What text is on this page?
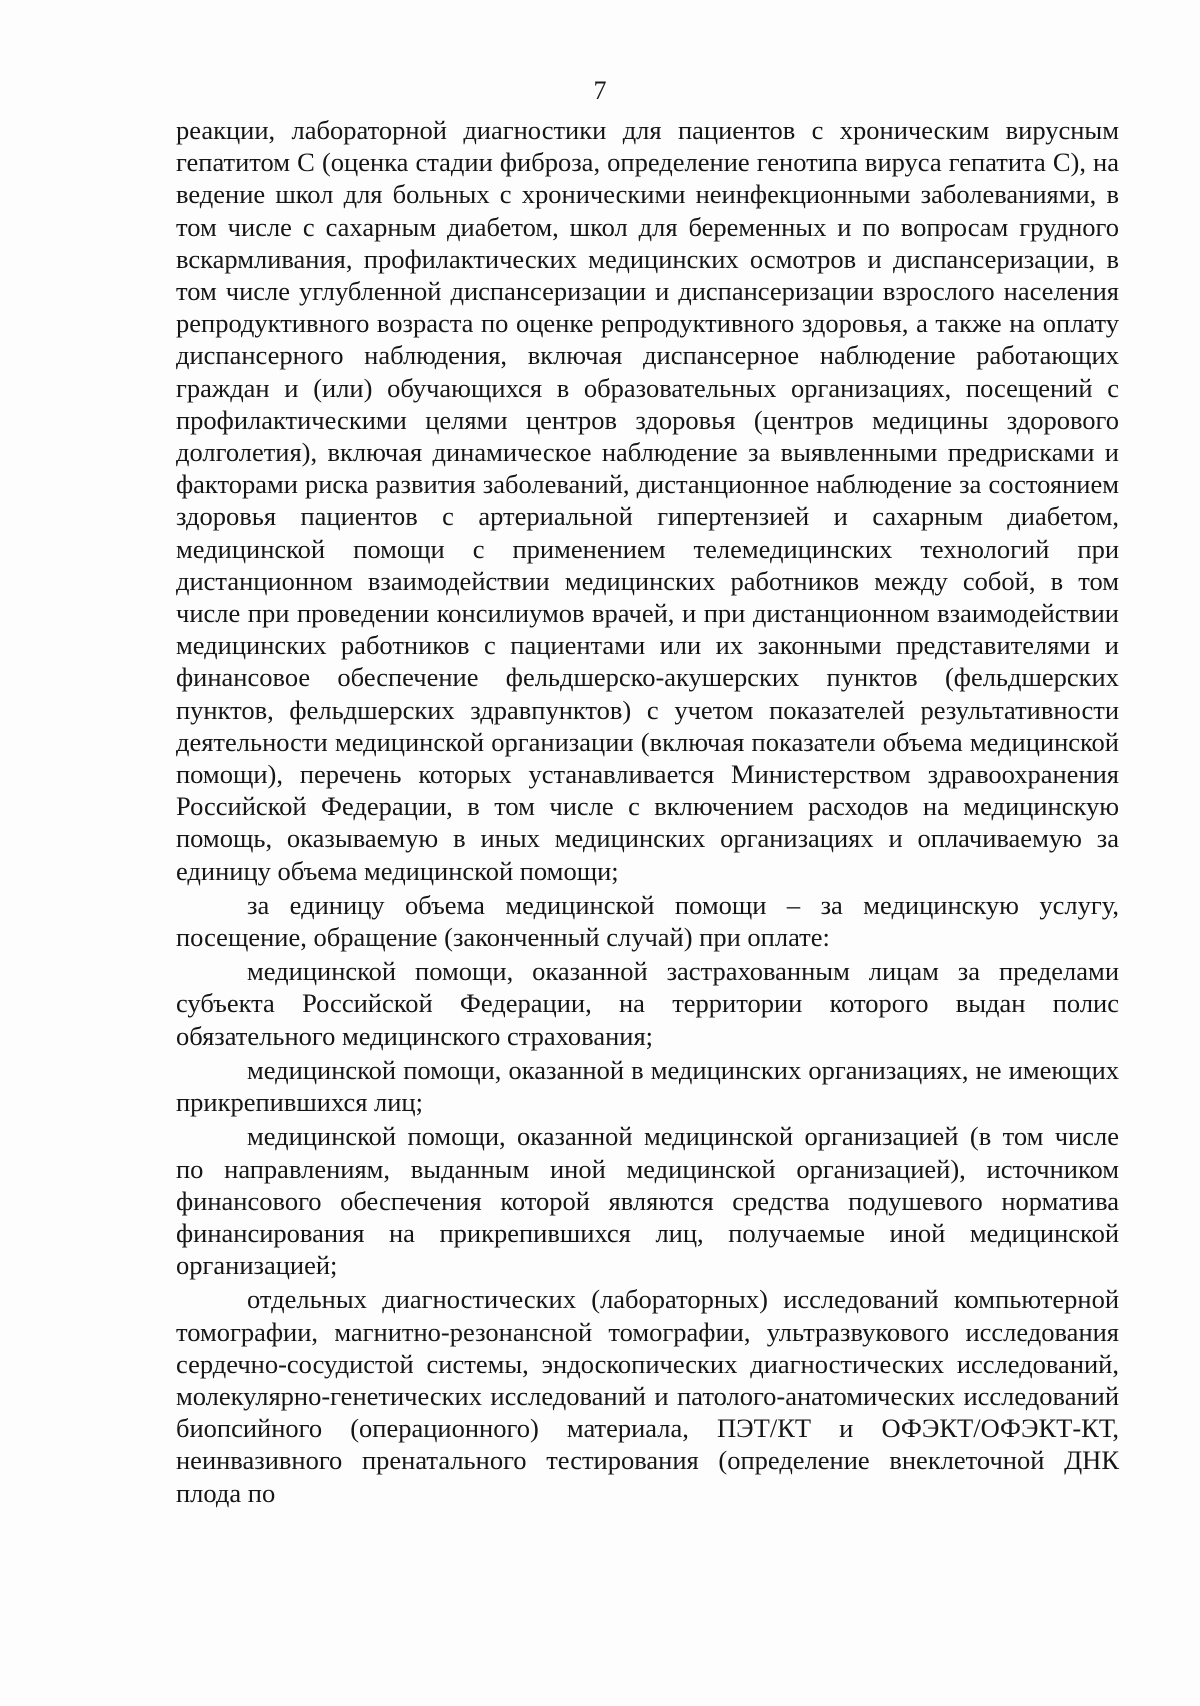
7

реакции, лабораторной диагностики для пациентов с хроническим вирусным гепатитом С (оценка стадии фиброза, определение генотипа вируса гепатита С), на ведение школ для больных с хроническими неинфекционными заболеваниями, в том числе с сахарным диабетом, школ для беременных и по вопросам грудного вскармливания, профилактических медицинских осмотров и диспансеризации, в том числе углубленной диспансеризации и диспансеризации взрослого населения репродуктивного возраста по оценке репродуктивного здоровья, а также на оплату диспансерного наблюдения, включая диспансерное наблюдение работающих граждан и (или) обучающихся в образовательных организациях, посещений с профилактическими целями центров здоровья (центров медицины здорового долголетия), включая динамическое наблюдение за выявленными предрисками и факторами риска развития заболеваний, дистанционное наблюдение за состоянием здоровья пациентов с артериальной гипертензией и сахарным диабетом, медицинской помощи с применением телемедицинских технологий при дистанционном взаимодействии медицинских работников между собой, в том числе при проведении консилиумов врачей, и при дистанционном взаимодействии медицинских работников с пациентами или их законными представителями и финансовое обеспечение фельдшерско-акушерских пунктов (фельдшерских пунктов, фельдшерских здравпунктов) с учетом показателей результативности деятельности медицинской организации (включая показатели объема медицинской помощи), перечень которых устанавливается Министерством здравоохранения Российской Федерации, в том числе с включением расходов на медицинскую помощь, оказываемую в иных медицинских организациях и оплачиваемую за единицу объема медицинской помощи;

за единицу объема медицинской помощи – за медицинскую услугу, посещение, обращение (законченный случай) при оплате:

медицинской помощи, оказанной застрахованным лицам за пределами субъекта Российской Федерации, на территории которого выдан полис обязательного медицинского страхования;

медицинской помощи, оказанной в медицинских организациях, не имеющих прикрепившихся лиц;

медицинской помощи, оказанной медицинской организацией (в том числе по направлениям, выданным иной медицинской организацией), источником финансового обеспечения которой являются средства подушевого норматива финансирования на прикрепившихся лиц, получаемые иной медицинской организацией;

отдельных диагностических (лабораторных) исследований компьютерной томографии, магнитно-резонансной томографии, ультразвукового исследования сердечно-сосудистой системы, эндоскопических диагностических исследований, молекулярно-генетических исследований и патолого-анатомических исследований биопсийного (операционного) материала, ПЭТ/КТ и ОФЭКТ/ОФЭКТ-КТ, неинвазивного пренатального тестирования (определение внеклеточной ДНК плода по
